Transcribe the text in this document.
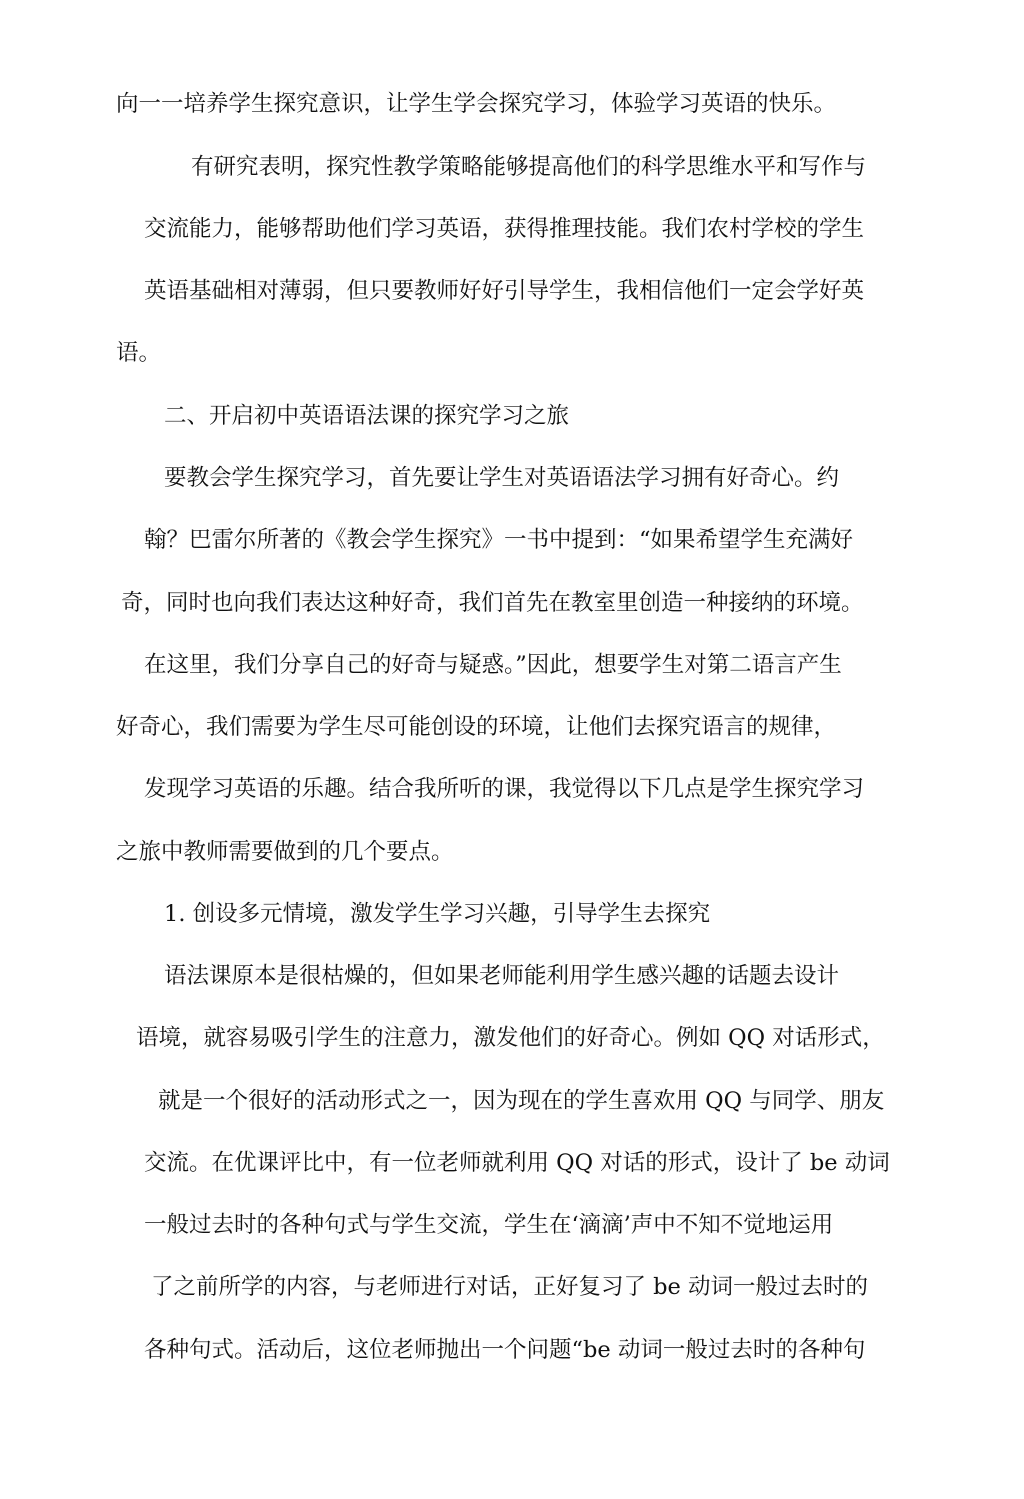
向一一培养学生探究意识，让学生学会探究学习，体验学习英语的快乐。
有研究表明，探究性教学策略能够提高他们的科学思维水平和写作与
交流能力，能够帮助他们学习英语，获得推理技能。我们农村学校的学生
英语基础相对薄弱，但只要教师好好引导学生，我相信他们一定会学好英
语。
二、开启初中英语语法课的探究学习之旅
要教会学生探究学习，首先要让学生对英语语法学习拥有好奇心。约
翰？巴雷尔所著的《教会学生探究》一书中提到：“如果希望学生充满好
奇，同时也向我们表达这种好奇，我们首先在教室里创造一种接纳的环境。
在这里，我们分享自己的好奇与疑惑。”因此，想要学生对第二语言产生
好奇心，我们需要为学生尽可能创设的环境，让他们去探究语言的规律，
发现学习英语的乐趣。结合我所听的课，我觉得以下几点是学生探究学习
之旅中教师需要做到的几个要点。
1. 创设多元情境，激发学生学习兴趣，引导学生去探究
语法课原本是很枯燥的，但如果老师能利用学生感兴趣的话题去设计
语境，就容易吸引学生的注意力，激发他们的好奇心。例如 QQ 对话形式，
就是一个很好的活动形式之一，因为现在的学生喜欢用 QQ 与同学、朋友
交流。在优课评比中，有一位老师就利用 QQ 对话的形式，设计了 be 动词
一般过去时的各种句式与学生交流，学生在‘滴滴’声中不知不觉地运用
了之前所学的内容，与老师进行对话，正好复习了 be 动词一般过去时的
各种句式。活动后，这位老师抛出一个问题“be 动词一般过去时的各种句
